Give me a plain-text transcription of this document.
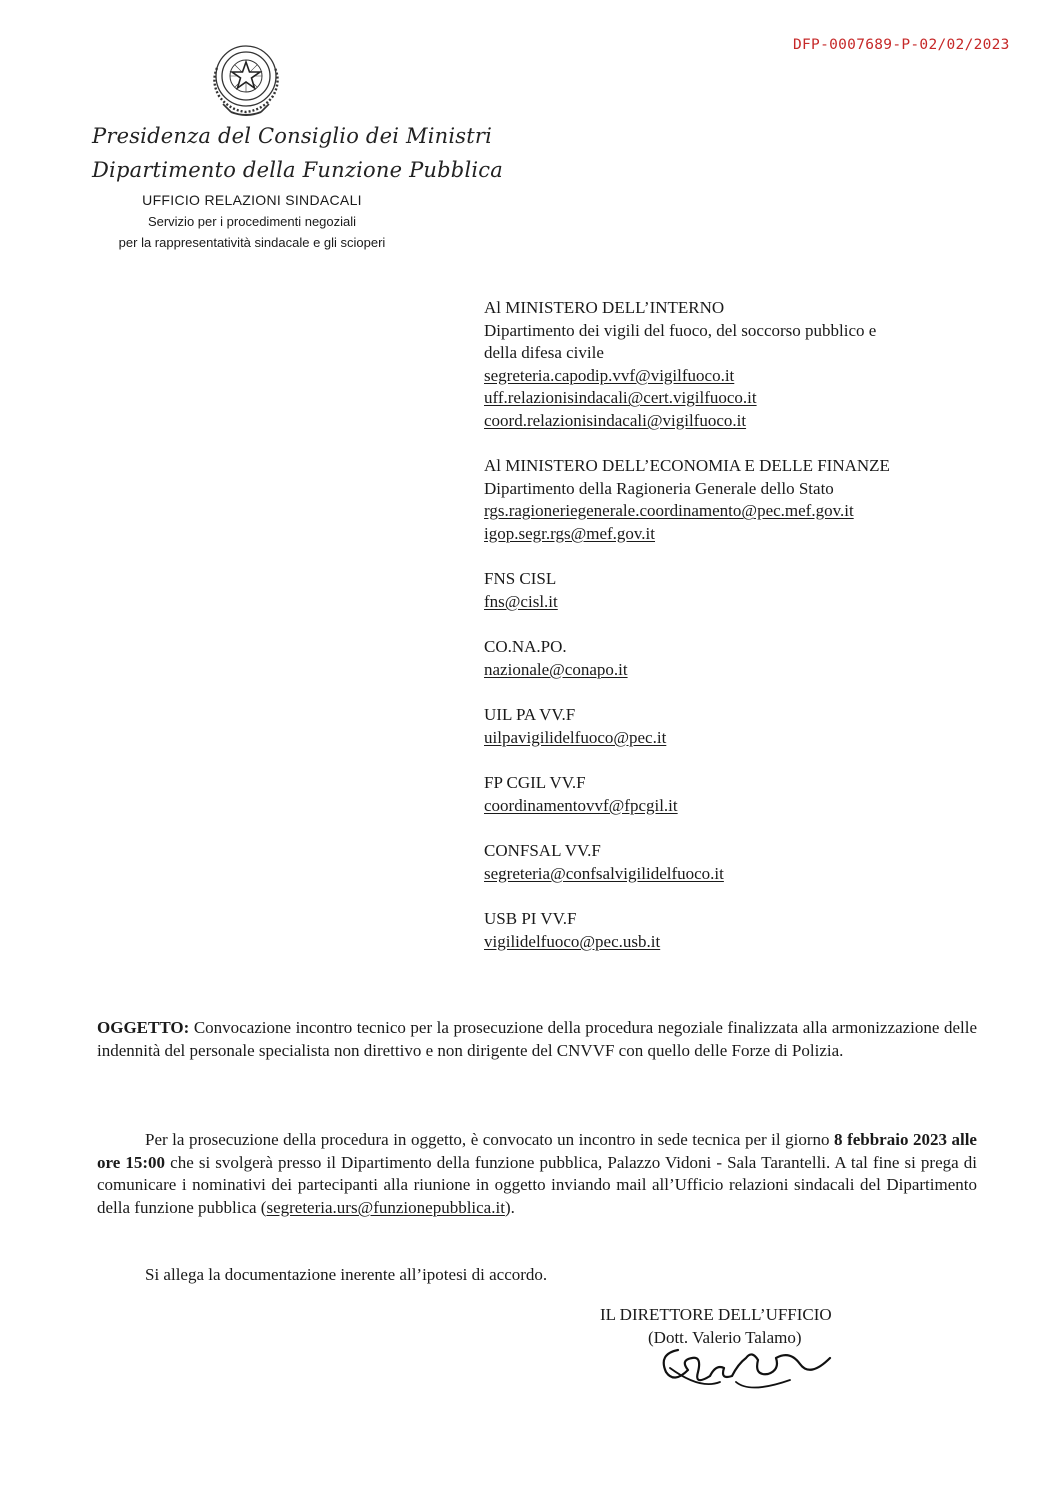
DFP-0007689-P-02/02/2023
Presidenza del Consiglio dei Ministri
Dipartimento della Funzione Pubblica
UFFICIO RELAZIONI SINDACALI
Servizio per i procedimenti negoziali
per la rappresentatività sindacale e gli scioperi
Al MINISTERO DELL’INTERNO
Dipartimento dei vigili del fuoco, del soccorso pubblico e
della difesa civile
segreteria.capodip.vvf@vigilfuoco.it
uff.relazionisindacali@cert.vigilfuoco.it
coord.relazionisindacali@vigilfuoco.it
Al MINISTERO DELL’ECONOMIA E DELLE FINANZE
Dipartimento della Ragioneria Generale dello Stato
rgs.ragioneriegenerale.coordinamento@pec.mef.gov.it
igop.segr.rgs@mef.gov.it
FNS CISL
fns@cisl.it
CO.NA.PO.
nazionale@conapo.it
UIL PA VV.F
uilpavigilidelfuoco@pec.it
FP CGIL VV.F
coordinamentovvf@fpcgil.it
CONFSAL VV.F
segreteria@confsalvigilidelfuoco.it
USB PI VV.F
vigilidelfuoco@pec.usb.it
OGGETTO: Convocazione incontro tecnico per la prosecuzione della procedura negoziale finalizzata alla armonizzazione delle indennità del personale specialista non direttivo e non dirigente del CNVVF con quello delle Forze di Polizia.
Per la prosecuzione della procedura in oggetto, è convocato un incontro in sede tecnica per il giorno 8 febbraio 2023 alle ore 15:00 che si svolgerà presso il Dipartimento della funzione pubblica, Palazzo Vidoni - Sala Tarantelli. A tal fine si prega di comunicare i nominativi dei partecipanti alla riunione in oggetto inviando mail all’Ufficio relazioni sindacali del Dipartimento della funzione pubblica (segreteria.urs@funzionepubblica.it).
Si allega la documentazione inerente all’ipotesi di accordo.
IL DIRETTORE DELL’UFFICIO
(Dott. Valerio Talamo)
